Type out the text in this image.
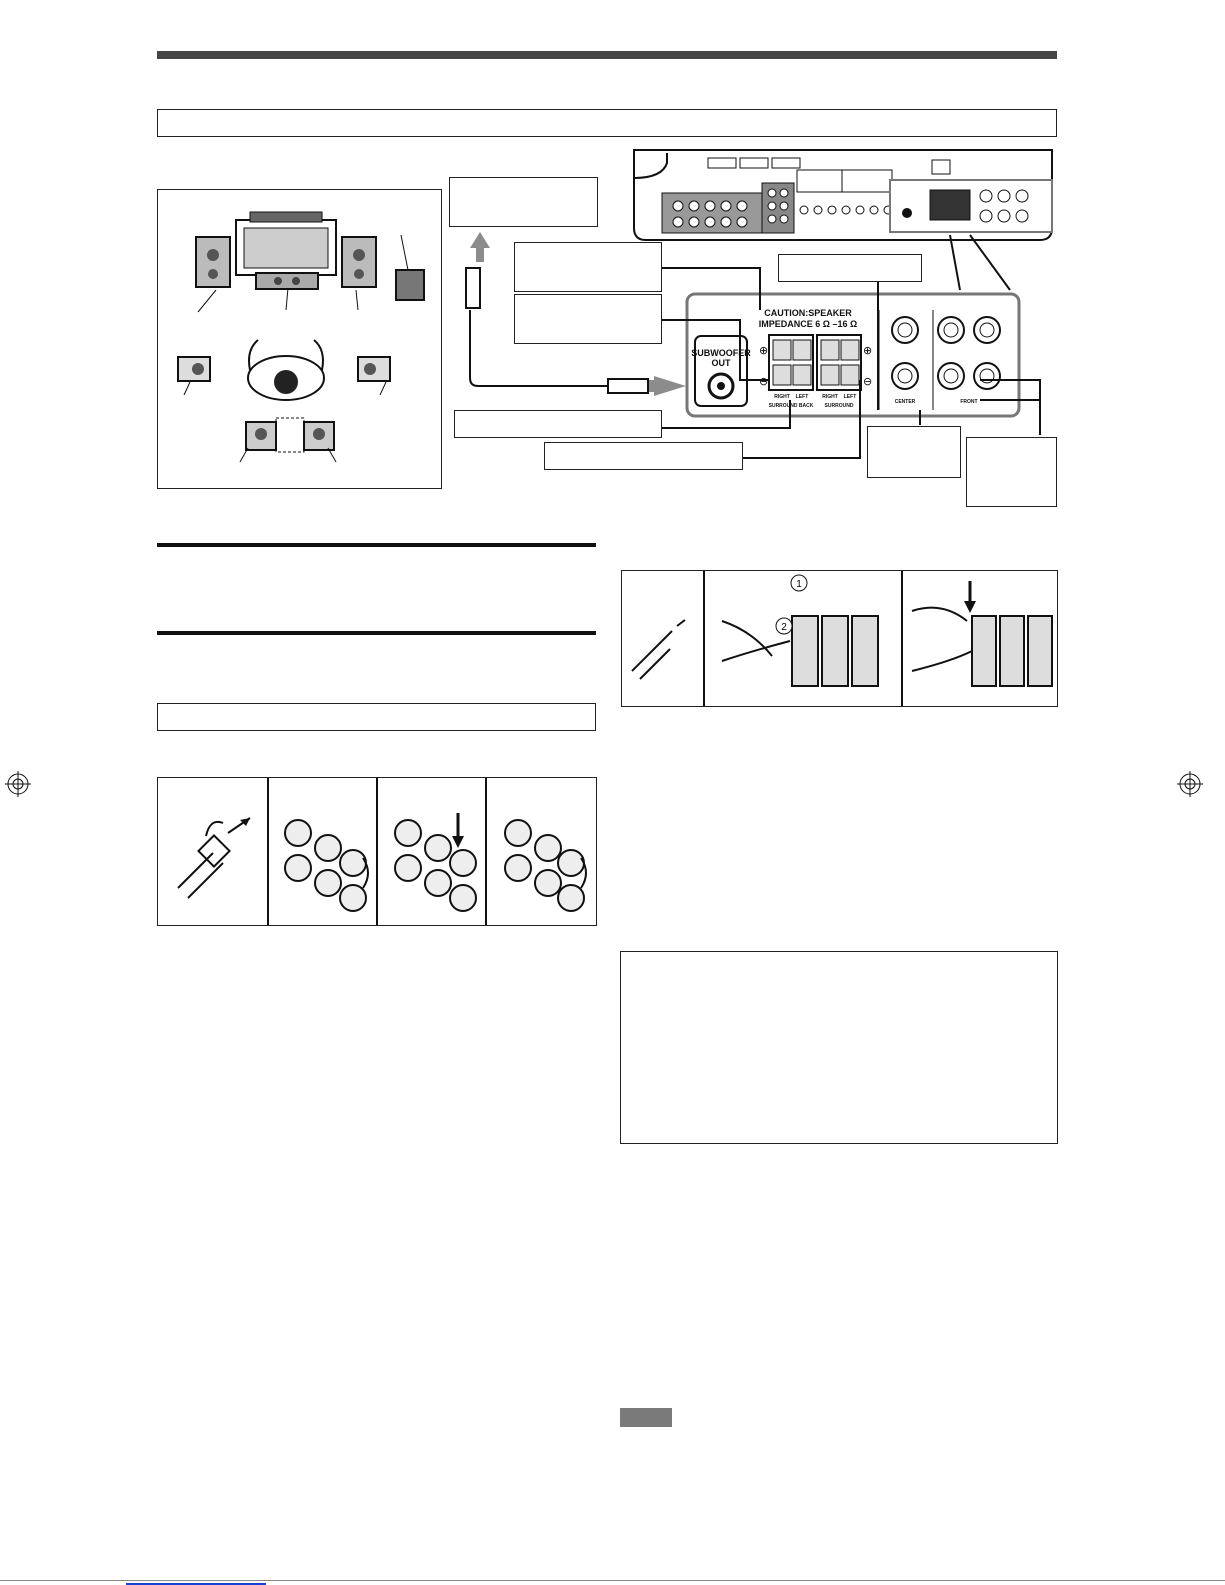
SUBWOOFER
OUT
CAUTION:SPEAKER
IMPEDANCE 6 Ω –16 Ω
⊕
⊖
⊕
⊖
RIGHT LEFT	RIGHT LEFT
SURROUND BACK SURROUND
CENTER	FRONT
1
2
